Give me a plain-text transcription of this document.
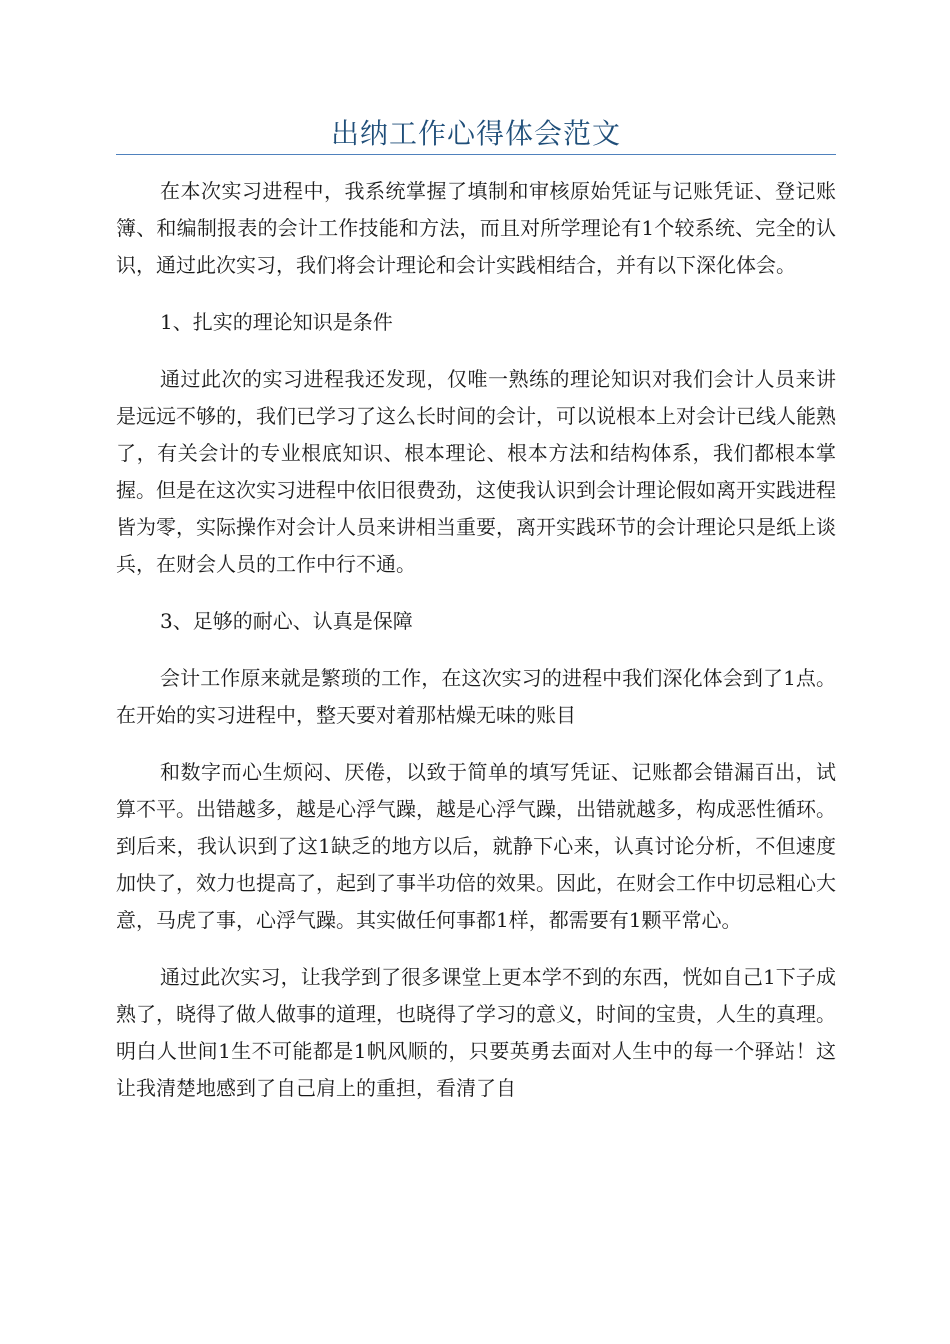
出纳工作心得体会范文

在本次实习进程中，我系统掌握了填制和审核原始凭证与记账凭证、登记账簿、和编制报表的会计工作技能和方法，而且对所学理论有1个较系统、完全的认识，通过此次实习，我们将会计理论和会计实践相结合，并有以下深化体会。

1、扎实的理论知识是条件

通过此次的实习进程我还发现，仅唯一熟练的理论知识对我们会计人员来讲是远远不够的，我们已学习了这么长时间的会计，可以说根本上对会计已线人能熟了，有关会计的专业根底知识、根本理论、根本方法和结构体系，我们都根本掌握。但是在这次实习进程中依旧很费劲，这使我认识到会计理论假如离开实践进程皆为零，实际操作对会计人员来讲相当重要，离开实践环节的会计理论只是纸上谈兵，在财会人员的工作中行不通。

3、足够的耐心、认真是保障

会计工作原来就是繁琐的工作，在这次实习的进程中我们深化体会到了1点。在开始的实习进程中，整天要对着那枯燥无味的账目

和数字而心生烦闷、厌倦，以致于简单的填写凭证、记账都会错漏百出，试算不平。出错越多，越是心浮气躁，越是心浮气躁，出错就越多，构成恶性循环。到后来，我认识到了这1缺乏的地方以后，就静下心来，认真讨论分析，不但速度加快了，效力也提高了，起到了事半功倍的效果。因此，在财会工作中切忌粗心大意，马虎了事，心浮气躁。其实做任何事都1样，都需要有1颗平常心。

通过此次实习，让我学到了很多课堂上更本学不到的东西，恍如自己1下子成熟了，晓得了做人做事的道理，也晓得了学习的意义，时间的宝贵，人生的真理。明白人世间1生不可能都是1帆风顺的，只要英勇去面对人生中的每一个驿站！这让我清楚地感到了自己肩上的重担，看清了自
